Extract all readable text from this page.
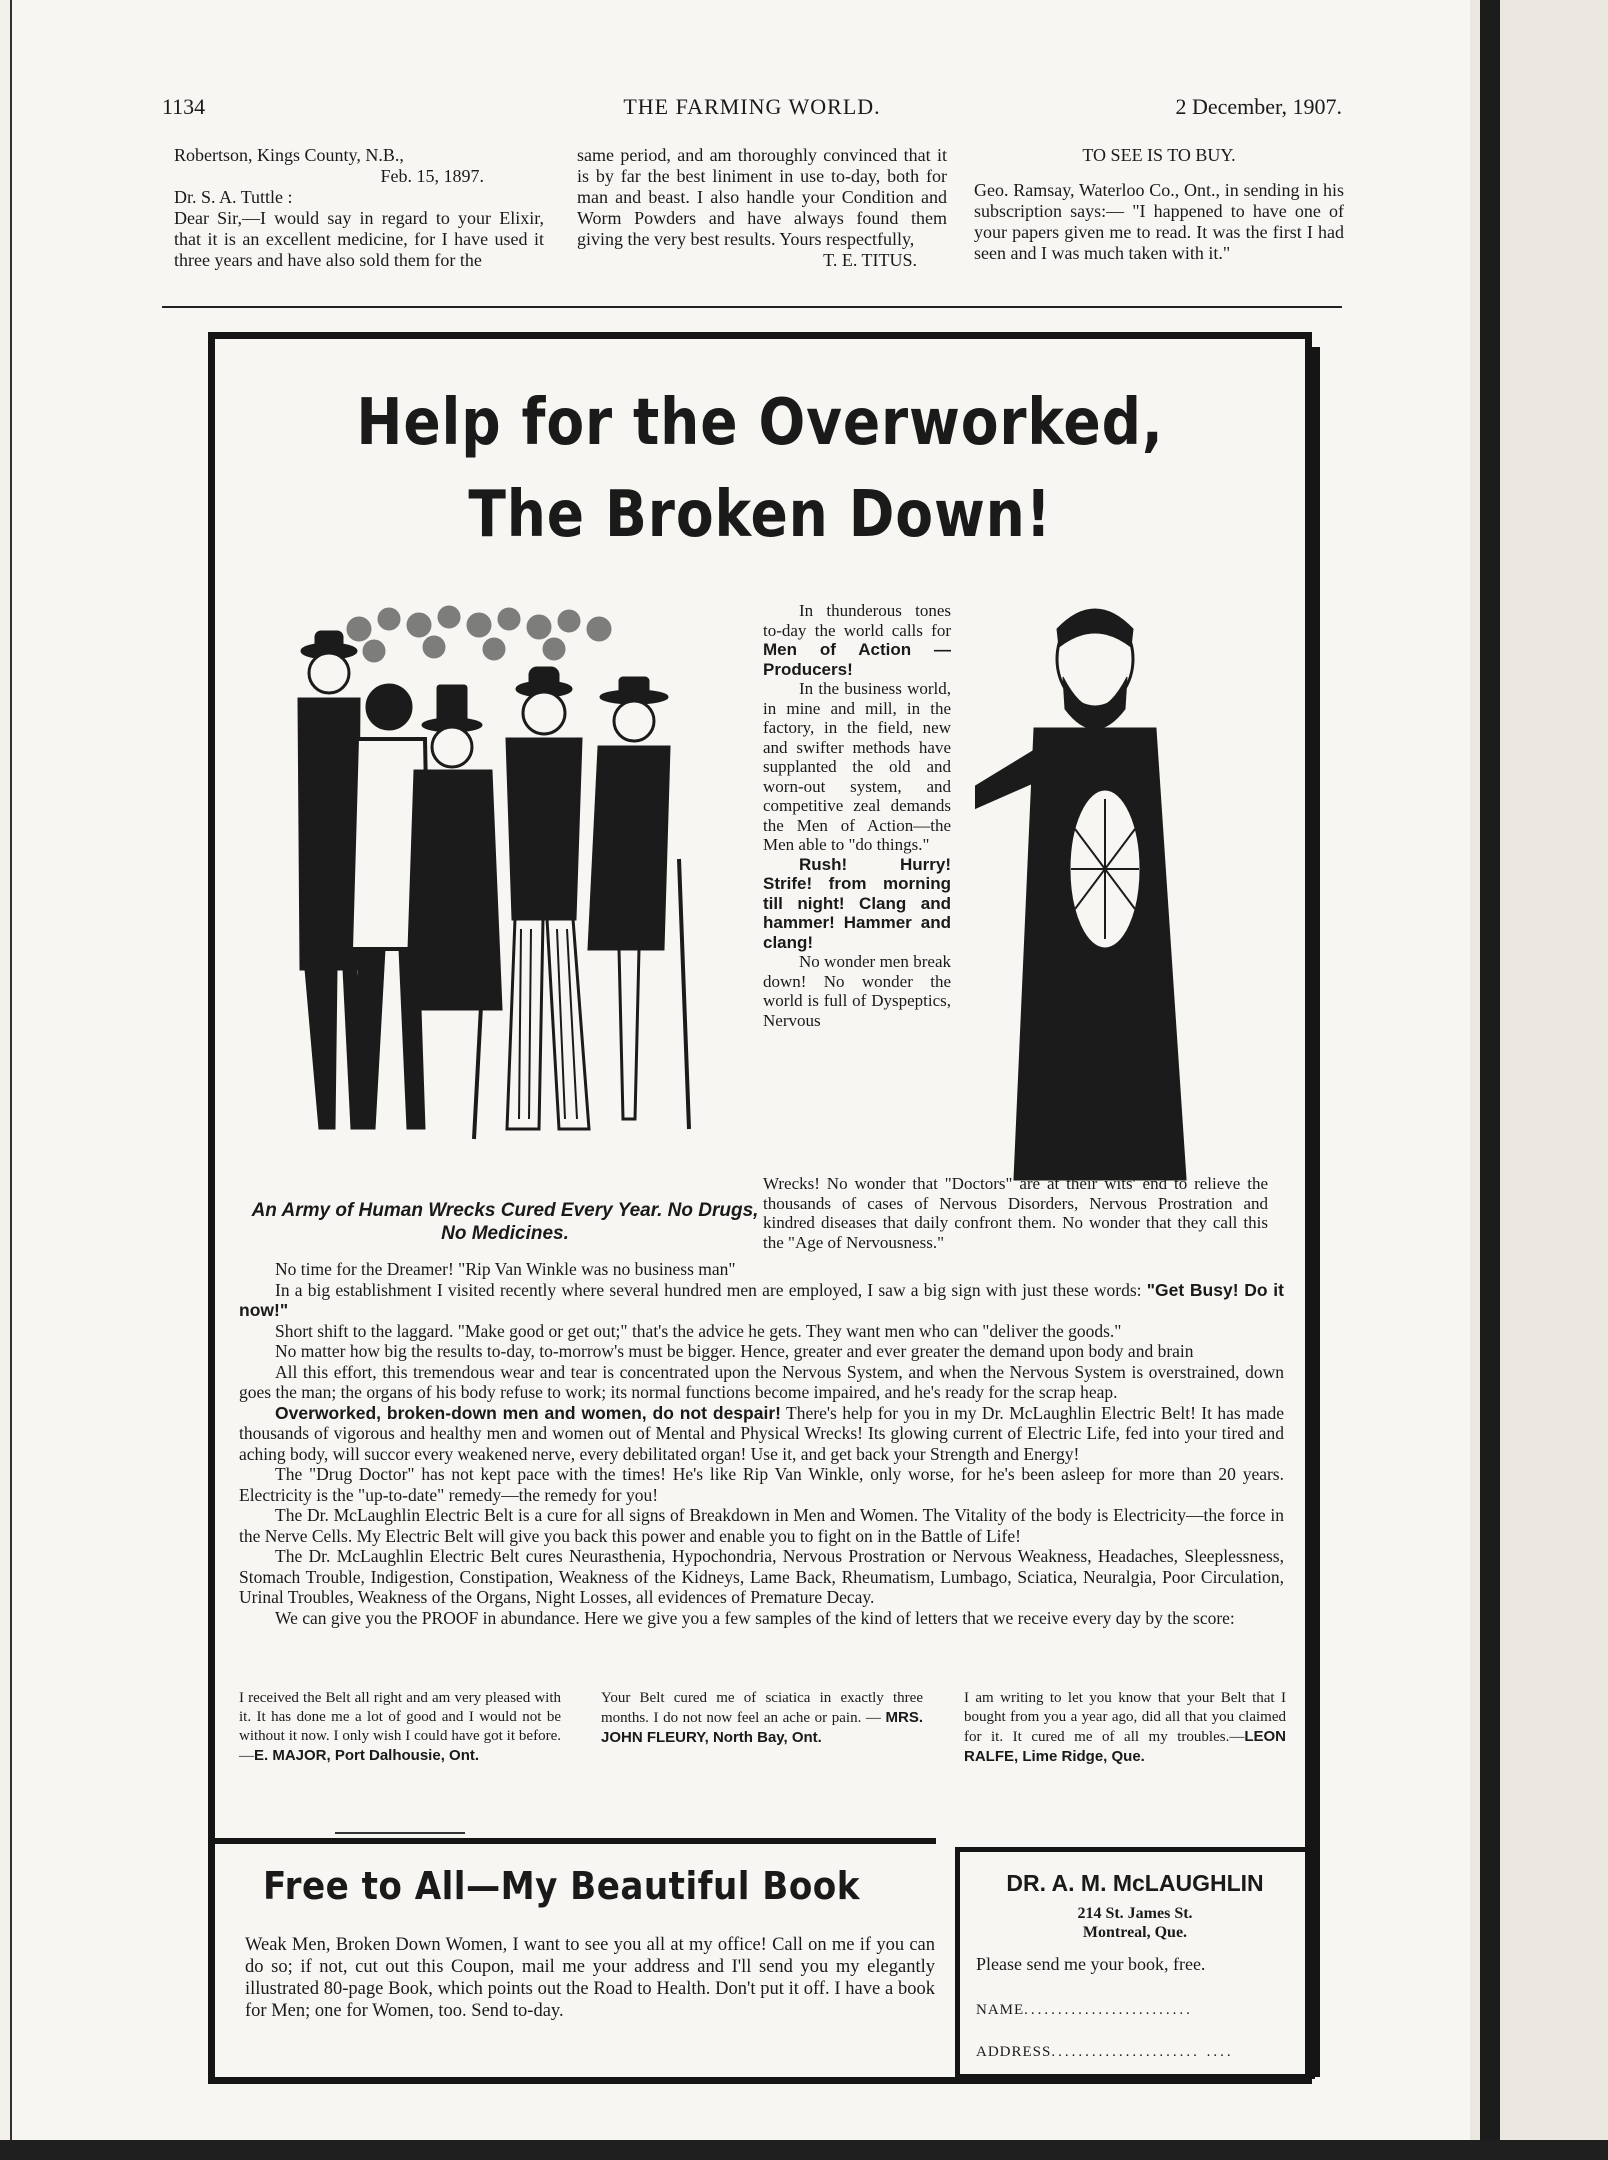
1134	THE FARMING WORLD.	2 December, 1907.

Robertson, Kings County, N.B.,

Feb. 15, 1897.

Dr. S. A. Tuttle :

Dear Sir,—I would say in regard to your Elixir, that it is an excellent medicine, for I have used it three years and have also sold them for the

same period, and am thoroughly convinced that it is by far the best liniment in use to-day, both for man and beast. I also handle your Condition and Worm Powders and have always found them giving the very best results. Yours respectfully,

T. E. TITUS.

TO SEE IS TO BUY.

Geo. Ramsay, Waterloo Co., Ont., in sending in his subscription says:— "I happened to have one of your papers given me to read. It was the first I had seen and I was much taken with it."

Help for the Overworked,
The Broken Down!

In thunderous tones to-day the world calls for Men of Action — Producers!

In the business world, in mine and mill, in the factory, in the field, new and swifter methods have supplanted the old and worn-out system, and competitive zeal demands the Men of Action—the Men able to "do things."

Rush! Hurry! Strife! from morning till night! Clang and hammer! Hammer and clang!

No wonder men break down! No wonder the world is full of Dyspeptics, Nervous

An Army of Human Wrecks Cured Every Year. No Drugs, No Medicines.

Wrecks! No wonder that "Doctors" are at their wits' end to relieve the thousands of cases of Nervous Disorders, Nervous Prostration and kindred diseases that daily confront them. No wonder that they call this the "Age of Nervousness."

No time for the Dreamer! "Rip Van Winkle was no business man"

In a big establishment I visited recently where several hundred men are employed, I saw a big sign with just these words: "Get Busy! Do it now!"

Short shift to the laggard. "Make good or get out;" that's the advice he gets. They want men who can "deliver the goods."

No matter how big the results to-day, to-morrow's must be bigger. Hence, greater and ever greater the demand upon body and brain

All this effort, this tremendous wear and tear is concentrated upon the Nervous System, and when the Nervous System is overstrained, down goes the man; the organs of his body refuse to work; its normal functions become impaired, and he's ready for the scrap heap.

Overworked, broken-down men and women, do not despair! There's help for you in my Dr. McLaughlin Electric Belt! It has made thousands of vigorous and healthy men and women out of Mental and Physical Wrecks! Its glowing current of Electric Life, fed into your tired and aching body, will succor every weakened nerve, every debilitated organ! Use it, and get back your Strength and Energy!

The "Drug Doctor" has not kept pace with the times! He's like Rip Van Winkle, only worse, for he's been asleep for more than 20 years. Electricity is the "up-to-date" remedy—the remedy for you!

The Dr. McLaughlin Electric Belt is a cure for all signs of Breakdown in Men and Women. The Vitality of the body is Electricity—the force in the Nerve Cells. My Electric Belt will give you back this power and enable you to fight on in the Battle of Life!

The Dr. McLaughlin Electric Belt cures Neurasthenia, Hypochondria, Nervous Prostration or Nervous Weakness, Headaches, Sleeplessness, Stomach Trouble, Indigestion, Constipation, Weakness of the Kidneys, Lame Back, Rheumatism, Lumbago, Sciatica, Neuralgia, Poor Circulation, Urinal Troubles, Weakness of the Organs, Night Losses, all evidences of Premature Decay.

We can give you the PROOF in abundance. Here we give you a few samples of the kind of letters that we receive every day by the score:

I received the Belt all right and am very pleased with it. It has done me a lot of good and I would not be without it now. I only wish I could have got it before.—E. MAJOR, Port Dalhousie, Ont.
Your Belt cured me of sciatica in exactly three months. I do not now feel an ache or pain. — MRS. JOHN FLEURY, North Bay, Ont.
I am writing to let you know that your Belt that I bought from you a year ago, did all that you claimed for it. It cured me of all my troubles.—LEON RALFE, Lime Ridge, Que.
Free to All—My Beautiful Book
Weak Men, Broken Down Women, I want to see you all at my office! Call on me if you can do so; if not, cut out this Coupon, mail me your address and I'll send you my elegantly illustrated 80-page Book, which points out the Road to Health. Don't put it off. I have a book for Men; one for Women, too. Send to-day.
DR. A. M. McLAUGHLIN
214 St. James St.
Montreal, Que.
Please send me your book, free.
NAME.........................
ADDRESS...................... ....
